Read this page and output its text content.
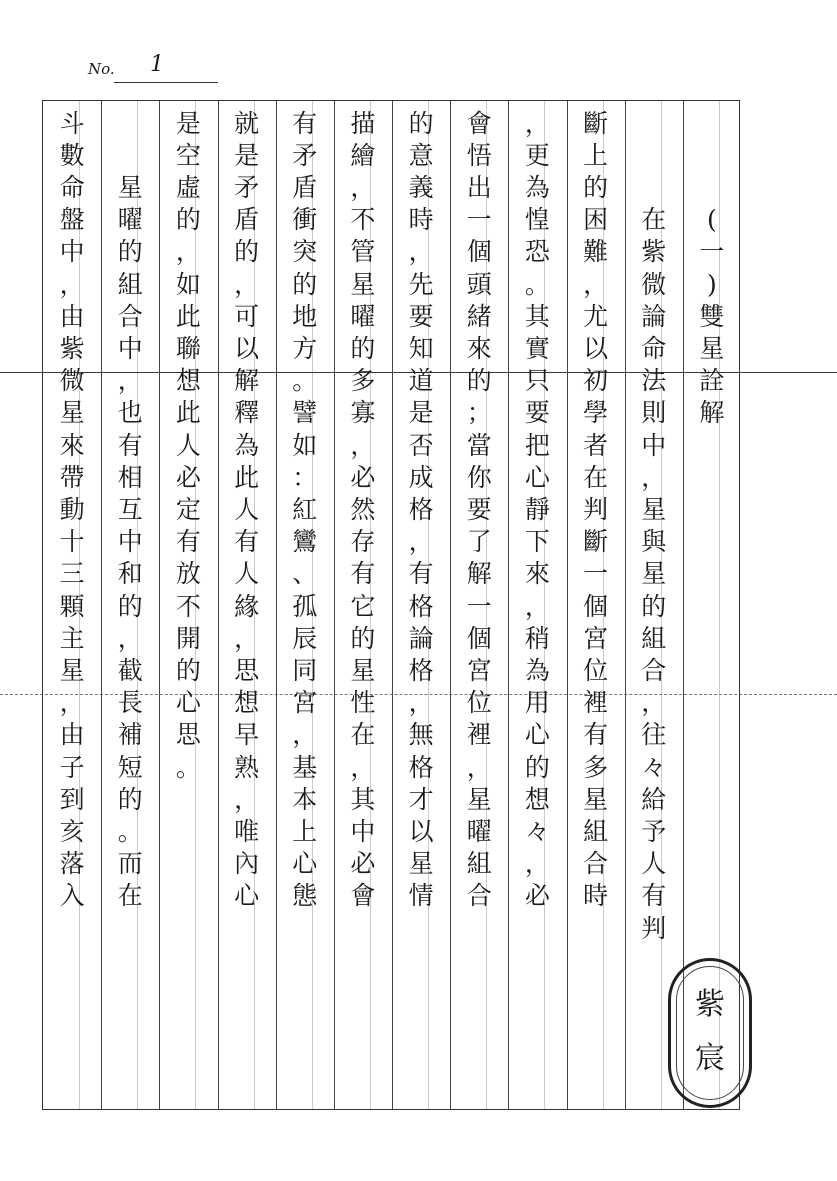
No. 1
(
一
)
雙
星
詮
解
在
紫
微
論
命
法
則
中
，
星
與
星
的
組
合
，
往
々
給
予
人
有
判
斷
上
的
困
難
，
尤
以
初
學
者
在
判
斷
一
個
宮
位
裡
有
多
星
組
合
時
，
更
為
惶
恐
。
其
實
只
要
把
心
靜
下
來
，
稍
為
用
心
的
想
々
，
必
會
悟
出
一
個
頭
緒
來
的
；
當
你
要
了
解
一
個
宮
位
裡
，
星
曜
組
合
的
意
義
時
，
先
要
知
道
是
否
成
格
，
有
格
論
格
，
無
格
才
以
星
情
描
繪
，
不
管
星
曜
的
多
寡
，
必
然
存
有
它
的
星
性
在
，
其
中
必
會
有
矛
盾
衝
突
的
地
方
。
譬
如
：
紅
鸞
、
孤
辰
同
宮
，
基
本
上
心
態
就
是
矛
盾
的
，
可
以
解
釋
為
此
人
有
人
緣
，
思
想
早
熟
，
唯
內
心
是
空
虛
的
，
如
此
聯
想
此
人
必
定
有
放
不
開
的
心
思
。
星
曜
的
組
合
中
，
也
有
相
互
中
和
的
，
截
長
補
短
的
。
而
在
斗
數
命
盤
中
，
由
紫
微
星
來
帶
動
十
三
顆
主
星
，
由
子
到
亥
落
入
紫
宸
